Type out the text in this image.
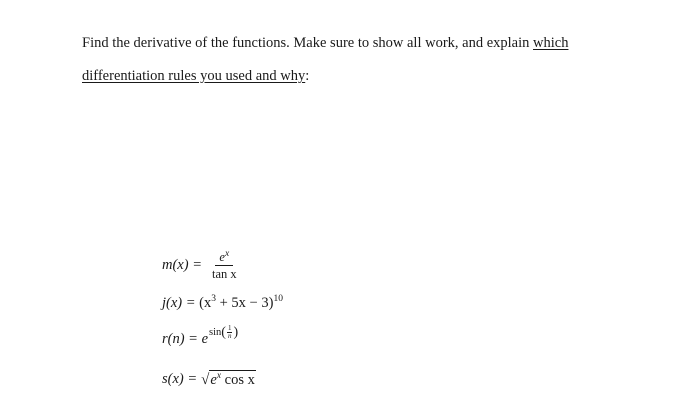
Find the derivative of the functions. Make sure to show all work, and explain which
differentiation rules you used and why:
$m(x) = \frac{e^x}{\text{tan x}}$
$j(x) = (x^3 + 5x - 3)^{10}$
r(n) = e sin ( $\frac{1}{n}$ )
s(x) = √ $e^x$ cos x
